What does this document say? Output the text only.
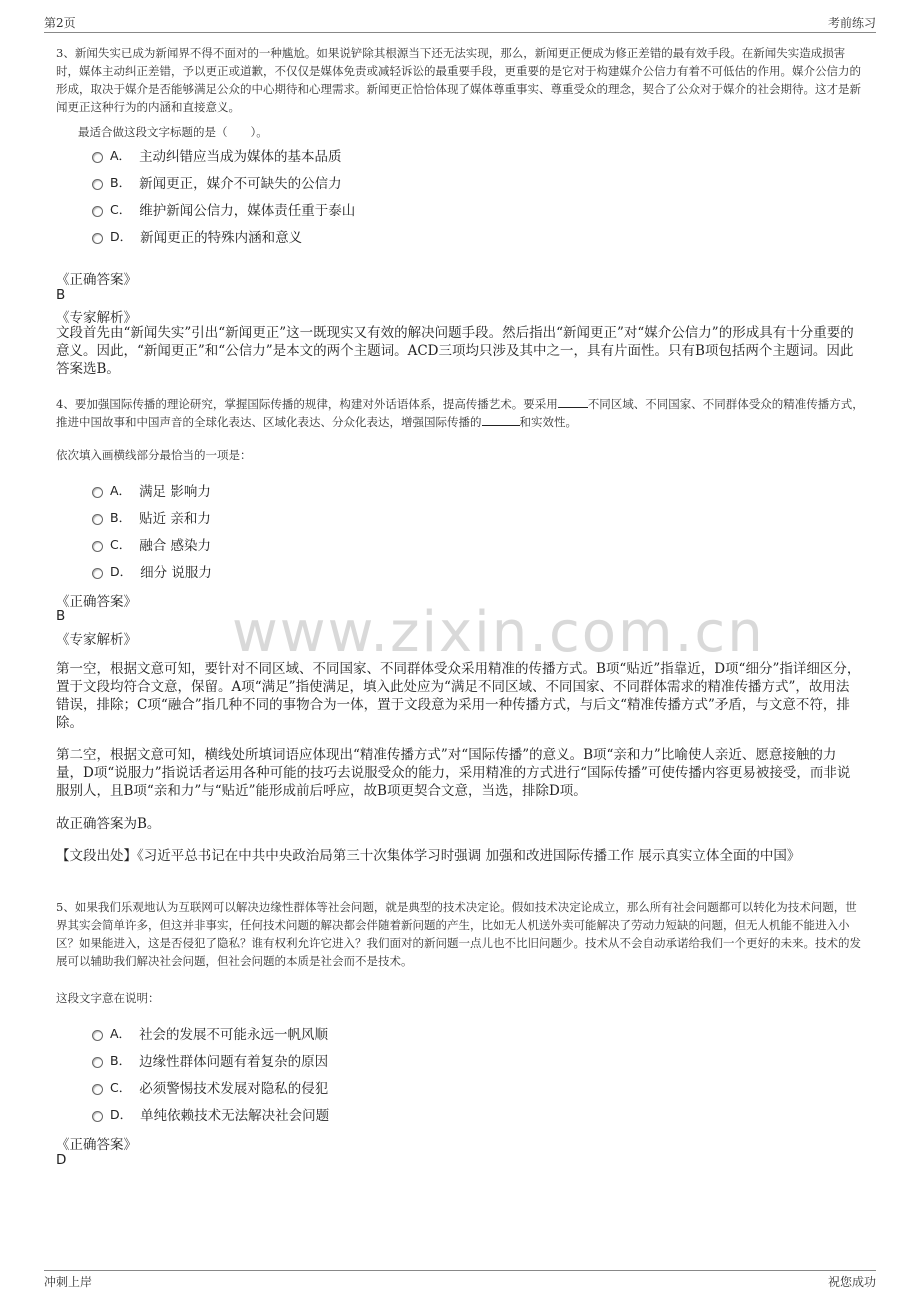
第2页	考前练习
www.zixin.com.cn
3、新闻失实已成为新闻界不得不面对的一种尴尬。如果说铲除其根源当下还无法实现，那么，新闻更正便成为修正差错的最有效手段。在新闻失实造成损害时，媒体主动纠正差错，予以更正或道歉，不仅仅是媒体免责或减轻诉讼的最重要手段，更重要的是它对于构建媒介公信力有着不可低估的作用。媒介公信力的形成，取决于媒介是否能够满足公众的中心期待和心理需求。新闻更正恰恰体现了媒体尊重事实、尊重受众的理念，契合了公众对于媒介的社会期待。这才是新闻更正这种行为的内涵和直接意义。
最适合做这段文字标题的是（　　）。
A． 主动纠错应当成为媒体的基本品质
B． 新闻更正，媒介不可缺失的公信力
C． 维护新闻公信力，媒体责任重于泰山
D． 新闻更正的特殊内涵和意义
《正确答案》
B
《专家解析》
文段首先由“新闻失实”引出“新闻更正”这一既现实又有效的解决问题手段。然后指出“新闻更正”对“媒介公信力”的形成具有十分重要的意义。因此，“新闻更正”和“公信力”是本文的两个主题词。ACD三项均只涉及其中之一，具有片面性。只有B项包括两个主题词。因此答案选B。
4、要加强国际传播的理论研究，掌握国际传播的规律，构建对外话语体系，提高传播艺术。要采用	不同区域、不同国家、不同群体受众的精准传播方式，推进中国故事和中国声音的全球化表达、区域化表达、分众化表达，增强国际传播的	和实效性。
依次填入画横线部分最恰当的一项是：
A． 满足 影响力
B． 贴近 亲和力
C． 融合 感染力
D． 细分 说服力
《正确答案》
B
《专家解析》
第一空，根据文意可知，要针对不同区域、不同国家、不同群体受众采用精准的传播方式。B项“贴近”指靠近，D项“细分”指详细区分，置于文段均符合文意，保留。A项“满足”指使满足，填入此处应为“满足不同区域、不同国家、不同群体需求的精准传播方式”，故用法错误，排除；C项“融合”指几种不同的事物合为一体，置于文段意为采用一种传播方式，与后文“精准传播方式”矛盾，与文意不符，排除。
第二空，根据文意可知，横线处所填词语应体现出“精准传播方式”对“国际传播”的意义。B项“亲和力”比喻使人亲近、愿意接触的力量，D项“说服力”指说话者运用各种可能的技巧去说服受众的能力，采用精准的方式进行“国际传播”可使传播内容更易被接受，而非说服别人，且B项“亲和力”与“贴近”能形成前后呼应，故B项更契合文意，当选，排除D项。
故正确答案为B。
【文段出处】《习近平总书记在中共中央政治局第三十次集体学习时强调 加强和改进国际传播工作 展示真实立体全面的中国》
5、如果我们乐观地认为互联网可以解决边缘性群体等社会问题，就是典型的技术决定论。假如技术决定论成立，那么所有社会问题都可以转化为技术问题，世界其实会简单许多，但这并非事实，任何技术问题的解决都会伴随着新问题的产生，比如无人机送外卖可能解决了劳动力短缺的问题，但无人机能不能进入小区？如果能进入，这是否侵犯了隐私？谁有权利允许它进入？我们面对的新问题一点儿也不比旧问题少。技术从不会自动承诺给我们一个更好的未来。技术的发展可以辅助我们解决社会问题，但社会问题的本质是社会而不是技术。
这段文字意在说明：
A． 社会的发展不可能永远一帆风顺
B． 边缘性群体问题有着复杂的原因
C． 必须警惕技术发展对隐私的侵犯
D． 单纯依赖技术无法解决社会问题
《正确答案》
D
冲刺上岸	祝您成功
